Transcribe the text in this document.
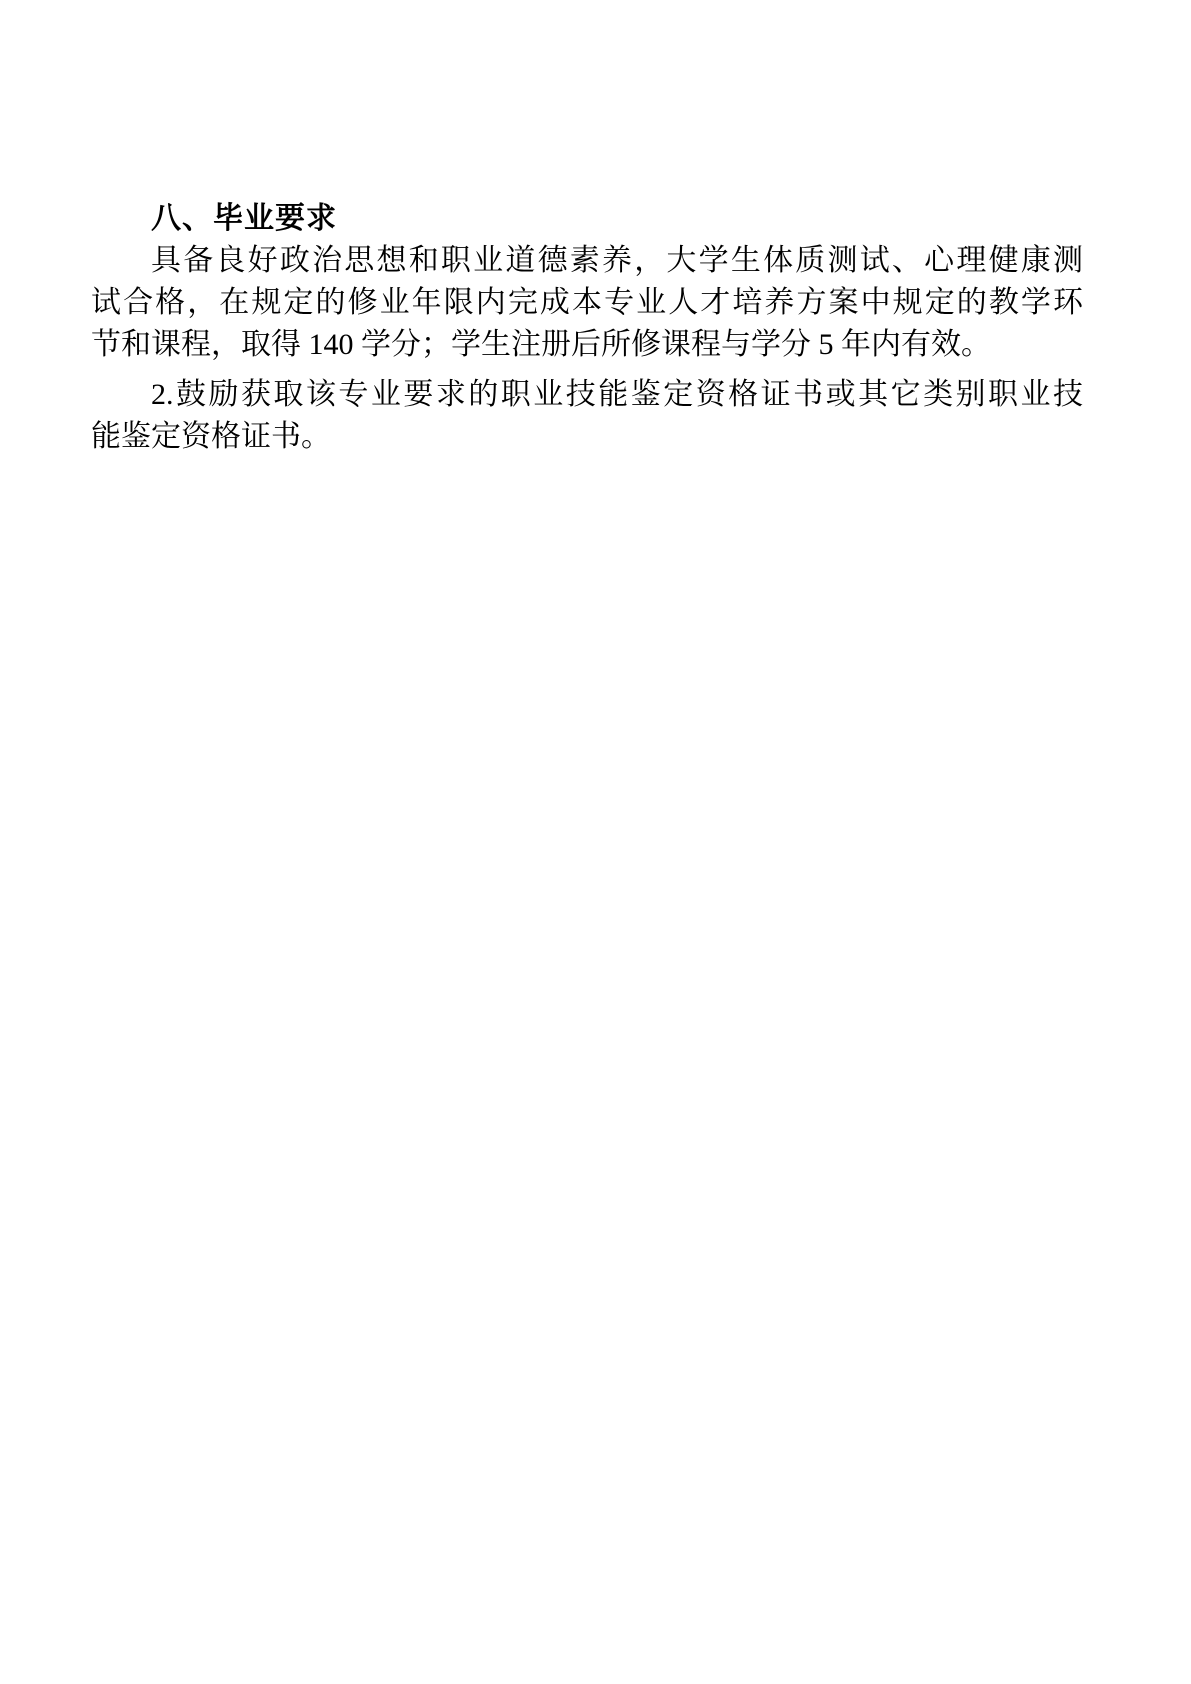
八、毕业要求
具备良好政治思想和职业道德素养，大学生体质测试、心理健康测
试合格，在规定的修业年限内完成本专业人才培养方案中规定的教学环
节和课程，取得 140 学分；学生注册后所修课程与学分 5 年内有效。
2.鼓励获取该专业要求的职业技能鉴定资格证书或其它类别职业技
能鉴定资格证书。
